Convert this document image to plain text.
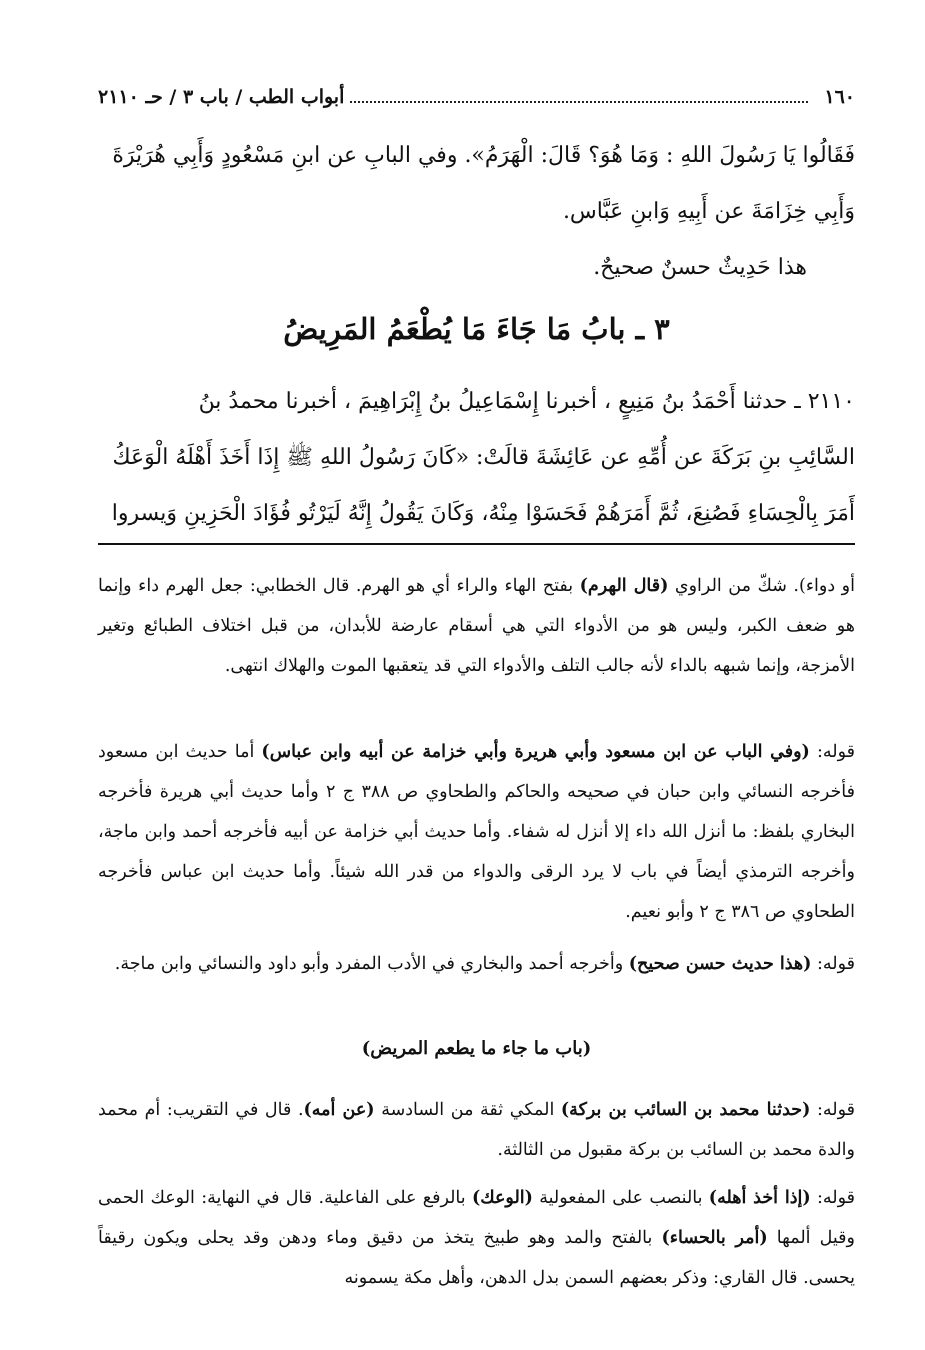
١٦٠
أبواب الطب / باب ٣ / حـ ٢١١٠
فَقَالُوا يَا رَسُولَ اللهِ : وَمَا هُوَ؟ قَالَ: الْهَرَمُ». وفي البابِ عن ابنِ مَسْعُودٍ وَأَبِي هُرَيْرَةَ
وَأَبِي خِزَامَةَ عن أَبِيهِ وَابنِ عَبَّاس.
هذا حَدِيثٌ حسنٌ صحيحٌ.
٣ ـ بابُ مَا جَاءَ مَا يُطْعَمُ المَرِيضُ
٢١١٠ ـ حدثنا أَحْمَدُ بنُ مَنِيعٍ ، أخبرنا إِسْمَاعِيلُ بنُ إِبْرَاهِيمَ ، أخبرنا محمدُ بنُ
السَّائِبِ بنِ بَرَكَةَ عن أُمِّهِ عن عَائِشَةَ قالَتْ: «كَانَ رَسُولُ اللهِ ﷺ إِذَا أَخَذَ أَهْلَهُ الْوَعَكُ
أَمَرَ بِالْحِسَاءِ فَصُنِعَ، ثُمَّ أَمَرَهُمْ فَحَسَوْا مِنْهُ، وَكَانَ يَقُولُ إِنَّهُ لَيَرْتُو فُؤَادَ الْحَزِينِ وَيسروا

أو دواء). شكّ من الراوي (قال الهرم) بفتح الهاء والراء أي هو الهرم. قال الخطابي: جعل الهرم داء وإنما هو ضعف الكبر، وليس هو من الأدواء التي هي أسقام عارضة للأبدان، من قبل اختلاف الطبائع وتغير الأمزجة، وإنما شبهه بالداء لأنه جالب التلف والأدواء التي قد يتعقبها الموت والهلاك انتهى.

قوله: (وفي الباب عن ابن مسعود وأبي هريرة وأبي خزامة عن أبيه وابن عباس) أما حديث ابن مسعود فأخرجه النسائي وابن حبان في صحيحه والحاكم والطحاوي ص ٣٨٨ ج ٢ وأما حديث أبي هريرة فأخرجه البخاري بلفظ: ما أنزل الله داء إلا أنزل له شفاء. وأما حديث أبي خزامة عن أبيه فأخرجه أحمد وابن ماجة، وأخرجه الترمذي أيضاً في باب لا يرد الرقى والدواء من قدر الله شيئاً. وأما حديث ابن عباس فأخرجه الطحاوي ص ٣٨٦ ج ٢ وأبو نعيم.

قوله: (هذا حديث حسن صحيح) وأخرجه أحمد والبخاري في الأدب المفرد وأبو داود والنسائي وابن ماجة.

(باب ما جاء ما يطعم المريض)

قوله: (حدثنا محمد بن السائب بن بركة) المكي ثقة من السادسة (عن أمه). قال في التقريب: أم محمد والدة محمد بن السائب بن بركة مقبول من الثالثة.

قوله: (إذا أخذ أهله) بالنصب على المفعولية (الوعك) بالرفع على الفاعلية. قال في النهاية: الوعك الحمى وقيل ألمها (أمر بالحساء) بالفتح والمد وهو طبيخ يتخذ من دقيق وماء ودهن وقد يحلى ويكون رقيقاً يحسى. قال القاري: وذكر بعضهم السمن بدل الدهن، وأهل مكة يسمونه
